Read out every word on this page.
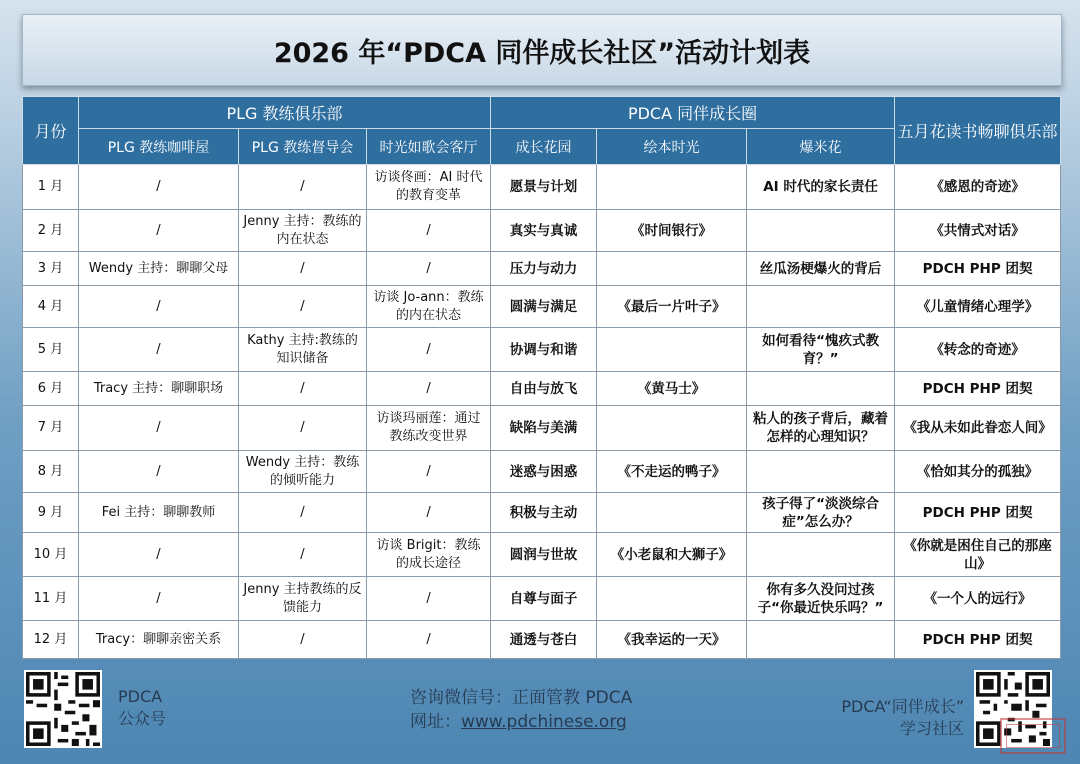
2026 年“PDCA 同伴成长社区”活动计划表
月份	PLG 教练俱乐部			PDCA 同伴成长圈			五月花读书畅聊俱乐部
	PLG 教练咖啡屋	PLG 教练督导会	时光如歌会客厅	成长花园	绘本时光	爆米花	
1 月	/	/	访谈佟画：AI 时代的教育变革	愿景与计划		AI 时代的家长责任	《感恩的奇迹》
2 月	/	Jenny 主持：教练的内在状态	/	真实与真诚	《时间银行》		《共情式对话》
3 月	Wendy 主持：聊聊父母	/	/	压力与动力		丝瓜汤梗爆火的背后	PDCH PHP 团契
4 月	/	/	访谈 Jo-ann：教练的内在状态	圆满与满足	《最后一片叶子》		《儿童情绪心理学》
5 月	/	Kathy 主持:教练的知识储备	/	协调与和谐		如何看待“愧疚式教育？”	《转念的奇迹》
6 月	Tracy 主持：聊聊职场	/	/	自由与放飞	《黄马士》		PDCH PHP 团契
7 月	/	/	访谈玛丽莲：通过教练改变世界	缺陷与美满		粘人的孩子背后，藏着怎样的心理知识？	《我从未如此眷恋人间》
8 月	/	Wendy 主持：教练的倾听能力	/	迷惑与困惑	《不走运的鸭子》		《恰如其分的孤独》
9 月	Fei 主持：聊聊教师	/	/	积极与主动		孩子得了“淡淡综合症”怎么办？	PDCH PHP 团契
10 月	/	/	访谈 Brigit：教练的成长途径	圆润与世故	《小老鼠和大狮子》		《你就是困住自己的那座山》
11 月	/	Jenny 主持教练的反馈能力	/	自尊与面子		你有多久没问过孩子“你最近快乐吗？”	《一个人的远行》
12 月	Tracy：聊聊亲密关系	/	/	通透与苍白	《我幸运的一天》		PDCH PHP 团契
PDCA
公众号
咨询微信号：正面管教 PDCA
网址：www.pdchinese.org
PDCA“同伴成长”
学习社区
